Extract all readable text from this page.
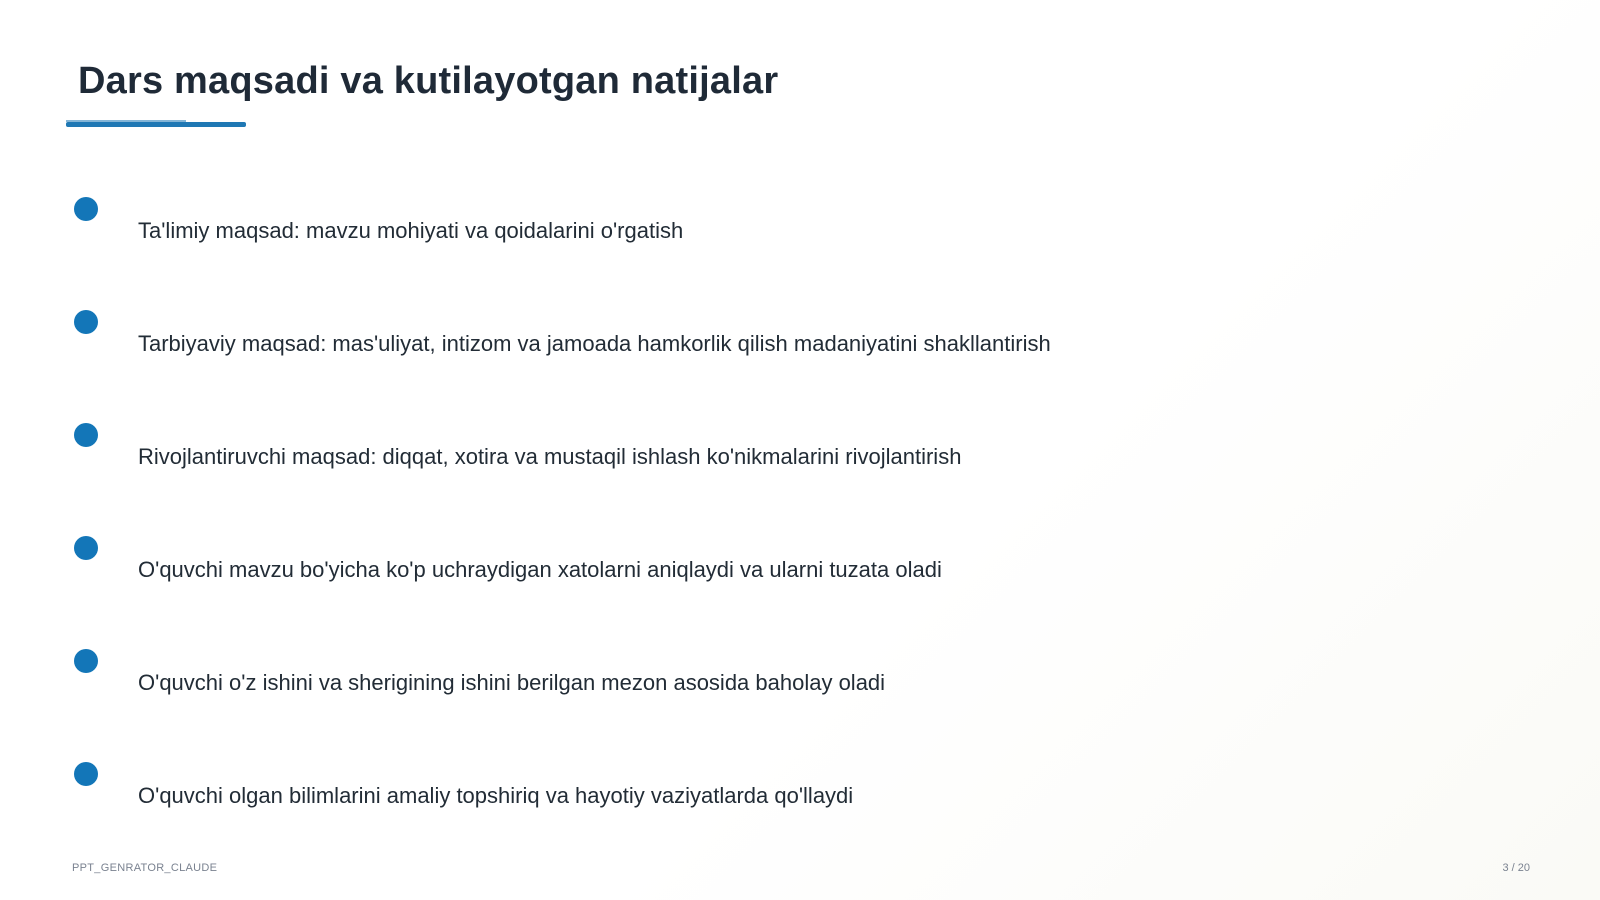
Dars maqsadi va kutilayotgan natijalar
Ta'limiy maqsad: mavzu mohiyati va qoidalarini o'rgatish
Tarbiyaviy maqsad: mas'uliyat, intizom va jamoada hamkorlik qilish madaniyatini shakllantirish
Rivojlantiruvchi maqsad: diqqat, xotira va mustaqil ishlash ko'nikmalarini rivojlantirish
O'quvchi mavzu bo'yicha ko'p uchraydigan xatolarni aniqlaydi va ularni tuzata oladi
O'quvchi o'z ishini va sherigining ishini berilgan mezon asosida baholay oladi
O'quvchi olgan bilimlarini amaliy topshiriq va hayotiy vaziyatlarda qo'llaydi
PPT_GENRATOR_CLAUDE	3 / 20
